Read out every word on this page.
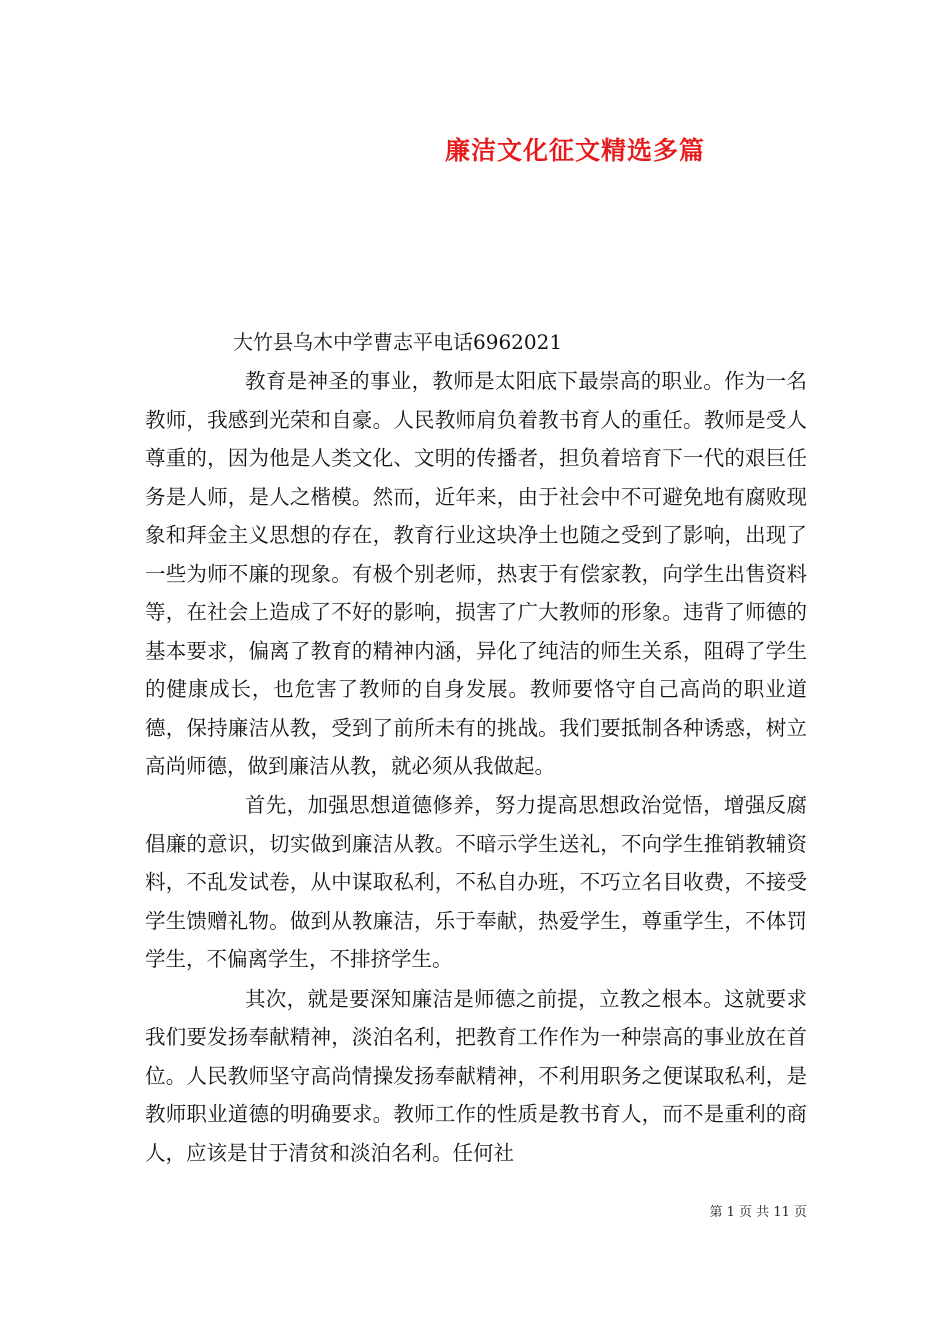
廉洁文化征文精选多篇
大竹县乌木中学曹志平电话6962021

教育是神圣的事业，教师是太阳底下最崇高的职业。作为一名教师，我感到光荣和自豪。人民教师肩负着教书育人的重任。教师是受人尊重的，因为他是人类文化、文明的传播者，担负着培育下一代的艰巨任务是人师，是人之楷模。然而，近年来，由于社会中不可避免地有腐败现象和拜金主义思想的存在，教育行业这块净土也随之受到了影响，出现了一些为师不廉的现象。有极个别老师，热衷于有偿家教，向学生出售资料等，在社会上造成了不好的影响，损害了广大教师的形象。违背了师德的基本要求，偏离了教育的精神内涵，异化了纯洁的师生关系，阻碍了学生的健康成长，也危害了教师的自身发展。教师要恪守自己高尚的职业道德，保持廉洁从教，受到了前所未有的挑战。我们要抵制各种诱惑，树立高尚师德，做到廉洁从教，就必须从我做起。

首先，加强思想道德修养，努力提高思想政治觉悟，增强反腐倡廉的意识，切实做到廉洁从教。不暗示学生送礼，不向学生推销教辅资料，不乱发试卷，从中谋取私利，不私自办班，不巧立名目收费，不接受学生馈赠礼物。做到从教廉洁，乐于奉献，热爱学生，尊重学生，不体罚学生，不偏离学生，不排挤学生。

其次，就是要深知廉洁是师德之前提，立教之根本。这就要求我们要发扬奉献精神，淡泊名利，把教育工作作为一种崇高的事业放在首位。人民教师坚守高尚情操发扬奉献精神，不利用职务之便谋取私利，是教师职业道德的明确要求。教师工作的性质是教书育人，而不是重利的商人，应该是甘于清贫和淡泊名利。任何社

第 1 页 共 11 页
